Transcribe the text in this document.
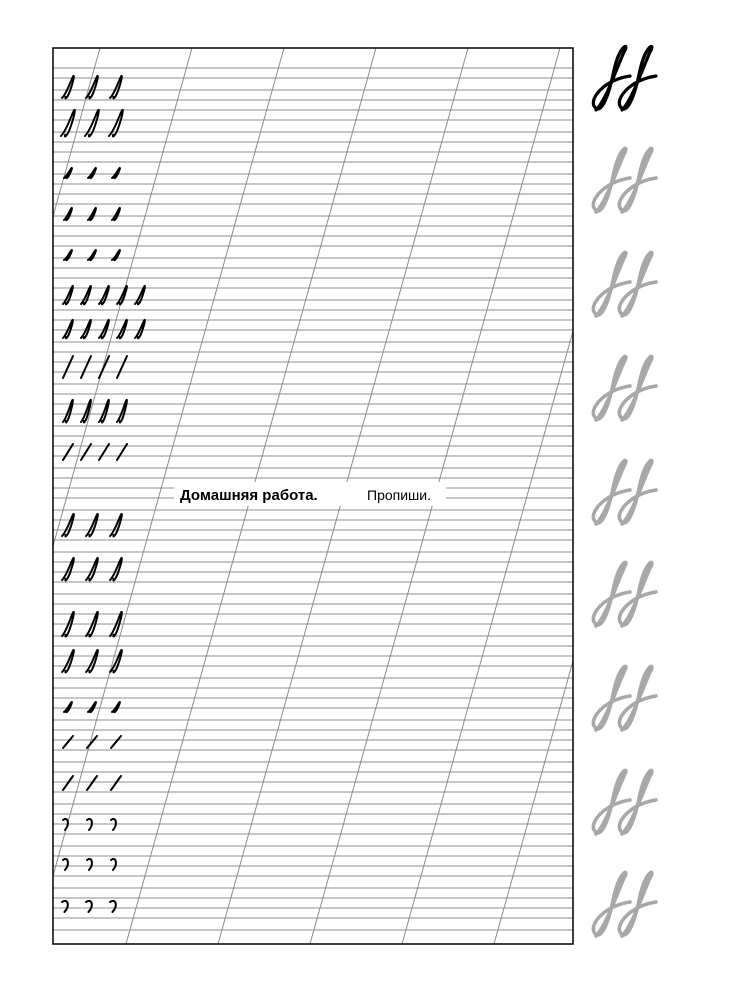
Домашняя работа.	Пропиши.
